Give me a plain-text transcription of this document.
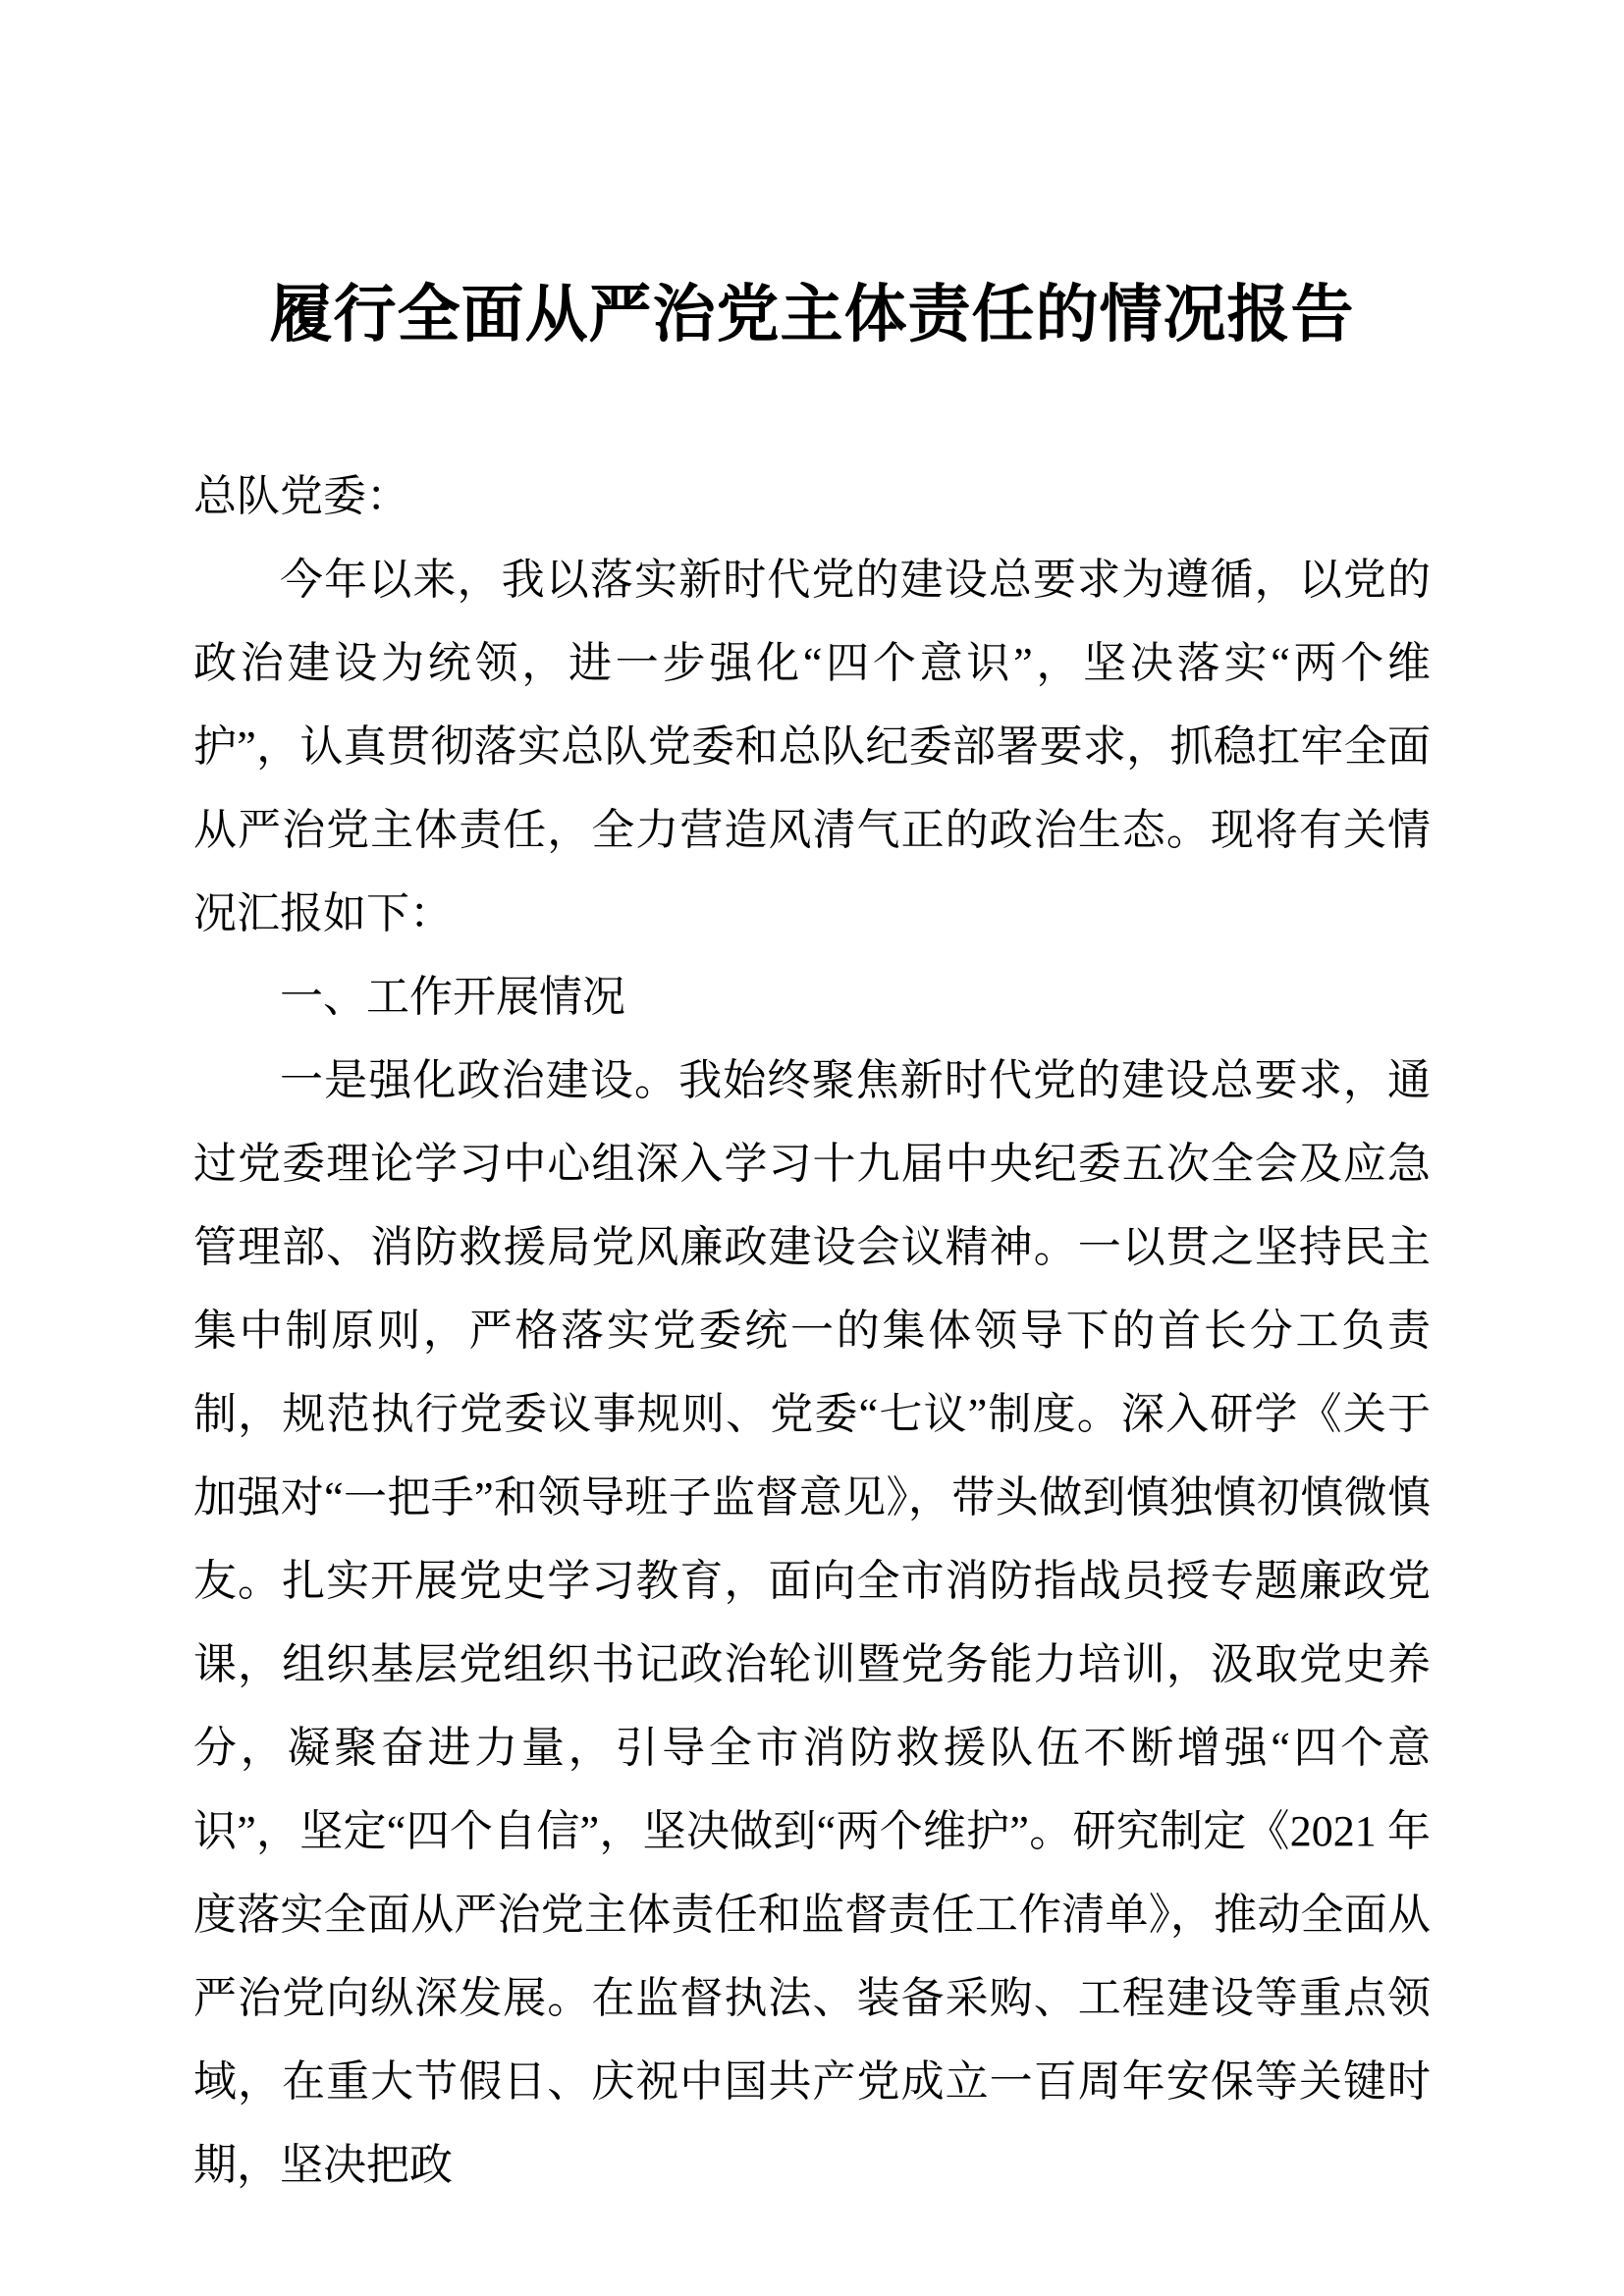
履行全面从严治党主体责任的情况报告

总队党委：

今年以来，我以落实新时代党的建设总要求为遵循，以党的政治建设为统领，进一步强化“四个意识”，坚决落实“两个维护”，认真贯彻落实总队党委和总队纪委部署要求，抓稳扛牢全面从严治党主体责任，全力营造风清气正的政治生态。现将有关情况汇报如下：

一、工作开展情况

一是强化政治建设。我始终聚焦新时代党的建设总要求，通过党委理论学习中心组深入学习十九届中央纪委五次全会及应急管理部、消防救援局党风廉政建设会议精神。一以贯之坚持民主集中制原则，严格落实党委统一的集体领导下的首长分工负责制，规范执行党委议事规则、党委“七议”制度。深入研学《关于加强对“一把手”和领导班子监督意见》，带头做到慎独慎初慎微慎友。扎实开展党史学习教育，面向全市消防指战员授专题廉政党课，组织基层党组织书记政治轮训暨党务能力培训，汲取党史养分，凝聚奋进力量，引导全市消防救援队伍不断增强“四个意识”，坚定“四个自信”，坚决做到“两个维护”。研究制定《2021 年度落实全面从严治党主体责任和监督责任工作清单》，推动全面从严治党向纵深发展。在监督执法、装备采购、工程建设等重点领域，在重大节假日、庆祝中国共产党成立一百周年安保等关键时期，坚决把政
